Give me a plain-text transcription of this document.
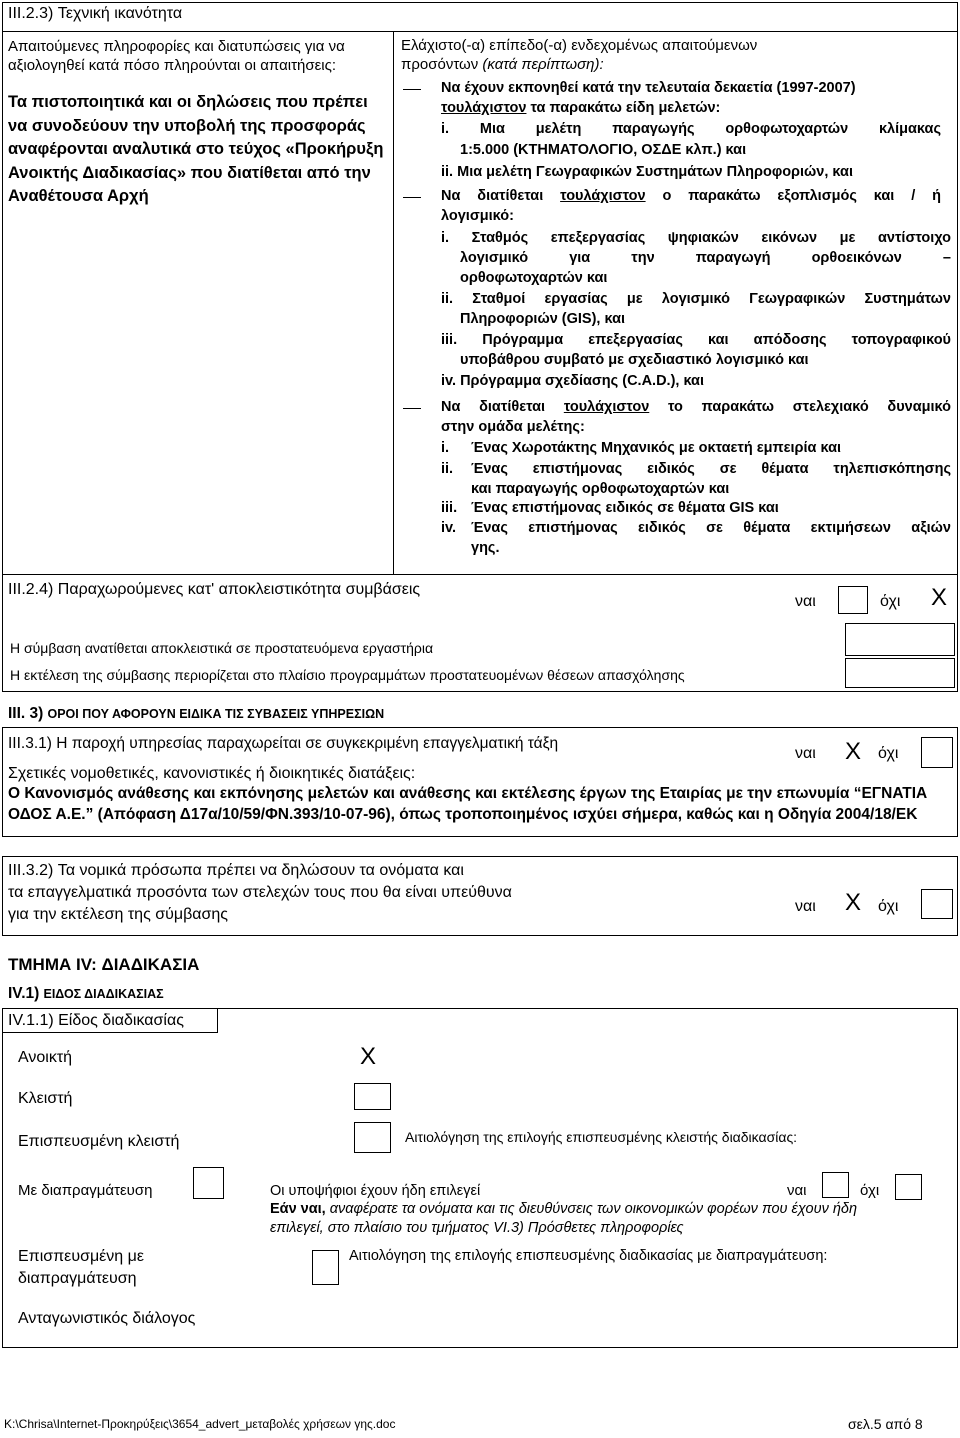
III.2.3) Τεχνική ικανότητα
Απαιτούμενες πληροφορίες και διατυπώσεις για να αξιολογηθεί κατά πόσο πληρούνται οι απαιτήσεις:
Τα πιστοποιητικά και οι δηλώσεις που πρέπει να συνοδεύουν την υποβολή της προσφοράς αναφέρονται αναλυτικά στο τεύχος «Προκήρυξη Ανοικτής Διαδικασίας» που διατίθεται από την Αναθέτουσα Αρχή
Ελάχιστο(-α) επίπεδο(-α) ενδεχομένως απαιτούμενων προσόντων (κατά περίπτωση):
Να έχουν εκπονηθεί κατά την τελευταία δεκαετία (1997-2007)
τουλάχιστον τα παρακάτω είδη μελετών:
i. Μια μελέτη παραγωγής ορθοφωτοχαρτών κλίμακας
1:5.000 (ΚΤΗΜΑΤΟΛΟΓΙΟ, ΟΣΔΕ κλπ.) και
ii. Μια μελέτη Γεωγραφικών Συστημάτων Πληροφοριών, και
Να διατίθεται τουλάχιστον ο παρακάτω εξοπλισμός και / ή
λογισμικό:
i. Σταθμός επεξεργασίας ψηφιακών εικόνων με αντίστοιχο
λογισμικό για την παραγωγή ορθοεικόνων –
ορθοφωτοχαρτών και
ii. Σταθμοί εργασίας με λογισμικό Γεωγραφικών Συστημάτων
Πληροφοριών (GIS), και
iii. Πρόγραμμα επεξεργασίας και απόδοσης τοπογραφικού
υποβάθρου συμβατό με σχεδιαστικό λογισμικό και
iv. Πρόγραμμα σχεδίασης (C.A.D.), και
Να διατίθεται τουλάχιστον το παρακάτω στελεχιακό δυναμικό
στην ομάδα μελέτης:
i. Ένας Χωροτάκτης Μηχανικός με οκταετή εμπειρία και
ii. Ένας επιστήμονας ειδικός σε θέματα τηλεπισκόπησης
και παραγωγής ορθοφωτοχαρτών και
iii. Ένας επιστήμονας ειδικός σε θέματα GIS και
iv. Ένας επιστήμονας ειδικός σε θέματα εκτιμήσεων αξιών
γης.
III.2.4) Παραχωρούμενες κατ' αποκλειστικότητα συμβάσεις
ναι	όχι	X
Η σύμβαση ανατίθεται αποκλειστικά σε προστατευόμενα εργαστήρια
Η εκτέλεση της σύμβασης περιορίζεται στο πλαίσιο προγραμμάτων προστατευομένων θέσεων απασχόλησης
III. 3) ΟΡΟΙ ΠΟΥ ΑΦΟΡΟΥΝ ΕΙΔΙΚΑ ΤΙΣ ΣΥΒΑΣΕΙΣ ΥΠΗΡΕΣΙΩΝ
III.3.1) Η παροχή υπηρεσίας παραχωρείται σε συγκεκριμένη επαγγελματική τάξη
ναι	X	όχι
Σχετικές νομοθετικές, κανονιστικές ή διοικητικές διατάξεις:
Ο Κανονισμός ανάθεσης και εκπόνησης μελετών και ανάθεσης και εκτέλεσης έργων της Εταιρίας με την επωνυμία “ΕΓΝΑΤΙΑ ΟΔΟΣ Α.Ε.” (Απόφαση Δ17α/10/59/ΦΝ.393/10-07-96), όπως τροποποιημένος ισχύει σήμερα, καθώς και η Οδηγία 2004/18/ΕΚ
III.3.2) Τα νομικά πρόσωπα πρέπει να δηλώσουν τα ονόματα και
τα επαγγελματικά προσόντα των στελεχών τους που θα είναι υπεύθυνα
για την εκτέλεση της σύμβασης	ναι	X	όχι
ΤΜΗΜΑ IV: ΔΙΑΔΙΚΑΣΙΑ
IV.1) ΕΙΔΟΣ ΔΙΑΔΙΚΑΣΙΑΣ
IV.1.1) Είδος διαδικασίας
Ανοικτή	X
Κλειστή
Επισπευσμένη κλειστή	Αιτιολόγηση της επιλογής επισπευσμένης κλειστής διαδικασίας:
Με διαπραγμάτευση	Οι υποψήφιοι έχουν ήδη επιλεγεί	ναι	όχι
Εάν ναι, αναφέρατε τα ονόματα και τις διευθύνσεις των οικονομικών φορέων που έχουν ήδη επιλεγεί, στο πλαίσιο του τμήματος VI.3) Πρόσθετες πληροφορίες
Επισπευσμένη με
διαπραγμάτευση
Αιτιολόγηση της επιλογής επισπευσμένης διαδικασίας με διαπραγμάτευση:
Ανταγωνιστικός διάλογος
K:\Chrisa\Internet-Προκηρύξεις\3654_advert_μεταβολές χρήσεων γης.doc	σελ.5 από 8
